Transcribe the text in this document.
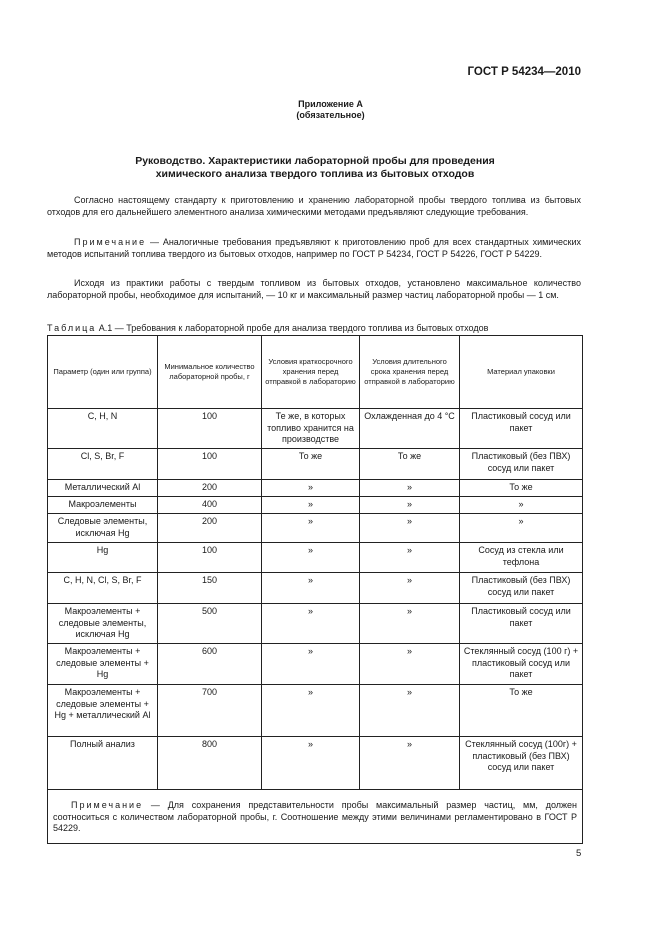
ГОСТ Р 54234—2010
Приложение А
(обязательное)
Руководство. Характеристики лабораторной пробы для проведения
химического анализа твердого топлива из бытовых отходов

Согласно настоящему стандарту к приготовлению и хранению лабораторной пробы твердого топлива из бытовых отходов для его дальнейшего элементного анализа химическими методами предъявляют следующие требования.

Примечание — Аналогичные требования предъявляют к приготовлению проб для всех стандартных химических методов испытаний топлива твердого из бытовых отходов, например по ГОСТ Р 54234, ГОСТ Р 54226, ГОСТ Р 54229.

Исходя из практики работы с твердым топливом из бытовых отходов, установлено максимальное количество лабораторной пробы, необходимое для испытаний, — 10 кг и максимальный размер частиц лабораторной пробы — 1 см.

Таблица А.1 — Требования к лабораторной пробе для анализа твердого топлива из бытовых отходов
Параметр (один или группа)	Минимальное количество лабораторной пробы, г	Условия краткосрочного хранения перед отправкой в лабораторию	Условия длительного срока хранения перед отправкой в лабораторию	Материал упаковки
C, H, N	100	Те же, в которых топливо хранится на производстве	Охлажденная до 4 °C	Пластиковый сосуд или пакет
Cl, S, Br, F	100	То же	То же	Пластиковый (без ПВХ) сосуд или пакет
Металлический Al	200	»	»	То же
Макроэлементы	400	»	»	»
Следовые элементы, исключая Hg	200	»	»	»
Hg	100	»	»	Сосуд из стекла или тефлона
C, H, N, Cl, S, Br, F	150	»	»	Пластиковый (без ПВХ) сосуд или пакет
Макроэлементы + следовые элементы, исключая Hg	500	»	»	Пластиковый сосуд или пакет
Макроэлементы + следовые элементы + Hg	600	»	»	Стеклянный сосуд (100 г) + пластиковый сосуд или пакет
Макроэлементы + следовые элементы + Hg + металлический Al	700	»	»	То же
Полный анализ	800	»	»	Стеклянный сосуд (100г) + пластиковый (без ПВХ) сосуд или пакет
Примечание — Для сохранения представительности пробы максимальный размер частиц, мм, должен соотноситься с количеством лабораторной пробы, г. Соотношение между этими величинами регламентировано в ГОСТ Р 54229.				
5
